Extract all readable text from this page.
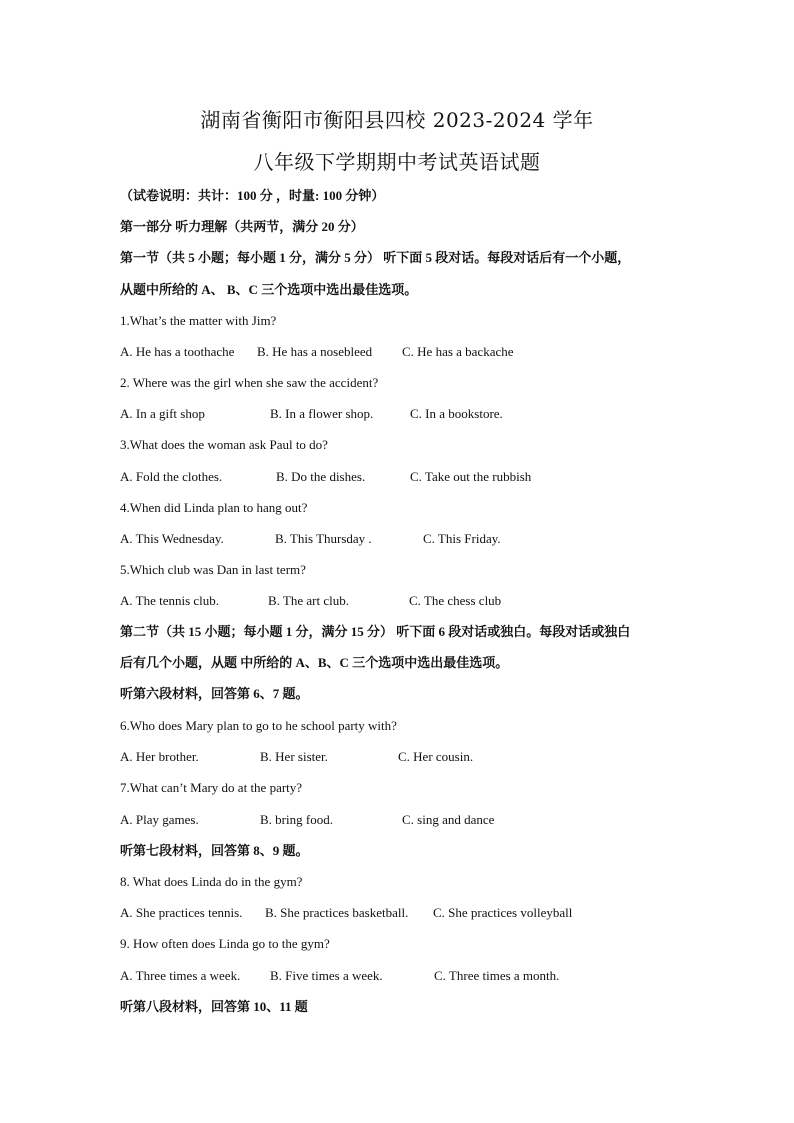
湖南省衡阳市衡阳县四校 2023-2024 学年
八年级下学期期中考试英语试题
（试卷说明：共计：100 分 ，时量: 100 分钟）
第一部分 听力理解（共两节，满分 20 分）
第一节（共 5 小题；每小题 1 分，满分 5 分） 听下面 5 段对话。每段对话后有一个小题，
从题中所给的 A、 B、C 三个选项中选出最佳选项。
1.What’s the matter with Jim?
A. He has a toothache B. He has a nosebleed C. He has a backache
2. Where was the girl when she saw the accident?
A. In a gift shop	B. In a flower shop.	C. In a bookstore.
3.What does the woman ask Paul to do?
A. Fold the clothes.	B. Do the dishes.	C. Take out the rubbish
4.When did Linda plan to hang out?
A. This Wednesday.	B. This Thursday .	C. This Friday.
5.Which club was Dan in last term?
A. The tennis club.	B. The art club.	C. The chess club
第二节（共 15 小题；每小题 1 分，满分 15 分） 听下面 6 段对话或独白。每段对话或独白
后有几个小题，从题 中所给的 A、B、C 三个选项中选出最佳选项。
听第六段材料，回答第 6、7 题。
6.Who does Mary plan to go to he school party with?
A. Her brother.	B. Her sister.	C. Her cousin.
7.What can’t Mary do at the party?
A. Play games.	B. bring food.	C. sing and dance
听第七段材料，回答第 8、9 题。
8. What does Linda do in the gym?
A. She practices tennis. B. She practices basketball. C. She practices volleyball
9. How often does Linda go to the gym?
A. Three times a week. B. Five times a week.	C. Three times a month.
听第八段材料，回答第 10、11 题
